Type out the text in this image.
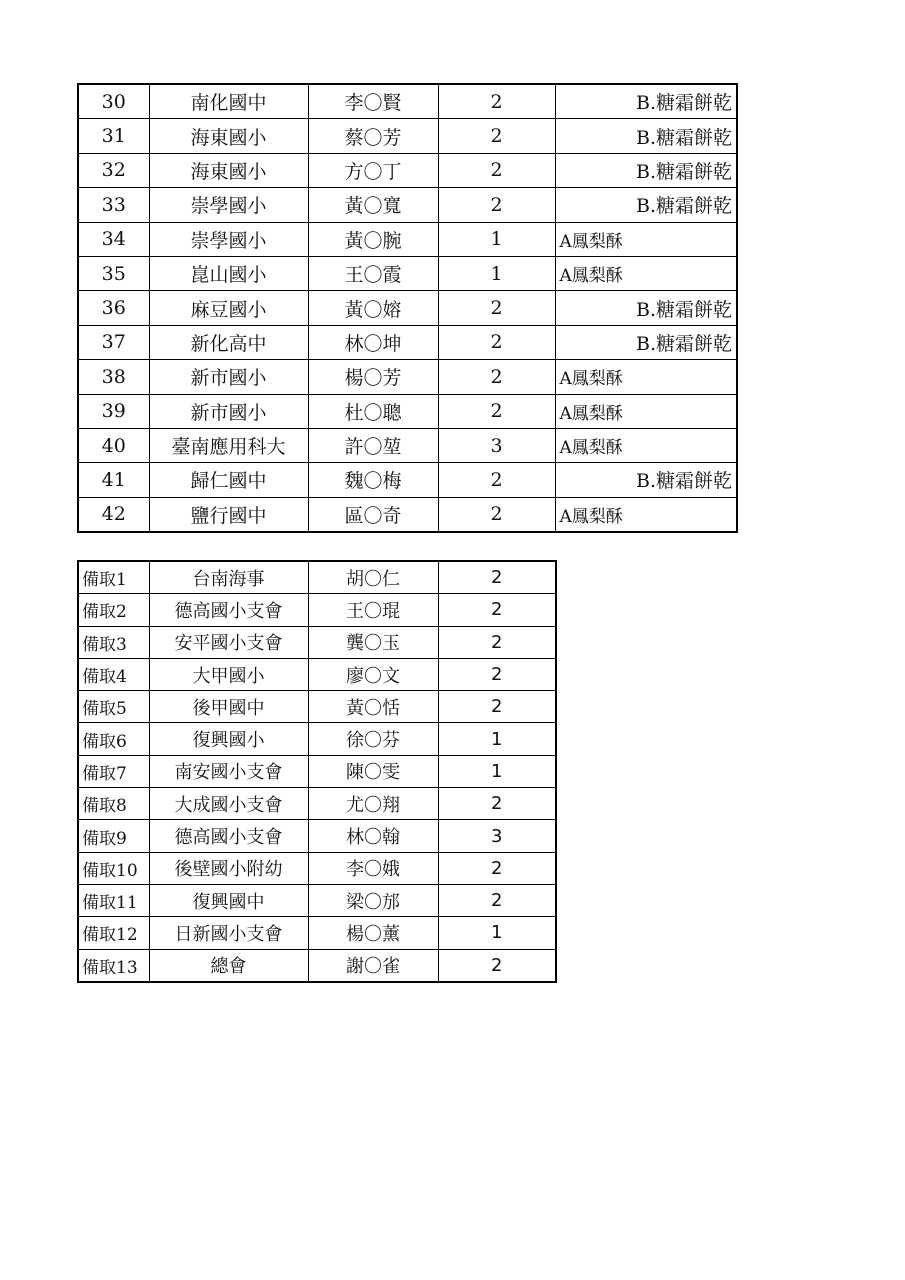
30	南化國中	李〇賢	2	B.糖霜餅乾
31	海東國小	蔡〇芳	2	B.糖霜餅乾
32	海東國小	方〇丁	2	B.糖霜餅乾
33	崇學國小	黃〇寬	2	B.糖霜餅乾
34	崇學國小	黃〇腕	1	A鳳梨酥
35	崑山國小	王〇霞	1	A鳳梨酥
36	麻豆國小	黃〇嫆	2	B.糖霜餅乾
37	新化高中	林〇坤	2	B.糖霜餅乾
38	新市國小	楊〇芳	2	A鳳梨酥
39	新市國小	杜〇聰	2	A鳳梨酥
40	臺南應用科大	許〇堃	3	A鳳梨酥
41	歸仁國中	魏〇梅	2	B.糖霜餅乾
42	鹽行國中	區〇奇	2	A鳳梨酥
備取1	台南海事	胡〇仁	2
備取2	德高國小支會	王〇琨	2
備取3	安平國小支會	龔〇玉	2
備取4	大甲國小	廖〇文	2
備取5	後甲國中	黃〇恬	2
備取6	復興國小	徐〇芬	1
備取7	南安國小支會	陳〇雯	1
備取8	大成國小支會	尤〇翔	2
備取9	德高國小支會	林〇翰	3
備取10	後壁國小附幼	李〇娥	2
備取11	復興國中	梁〇邡	2
備取12	日新國小支會	楊〇薰	1
備取13	總會	謝〇雀	2
